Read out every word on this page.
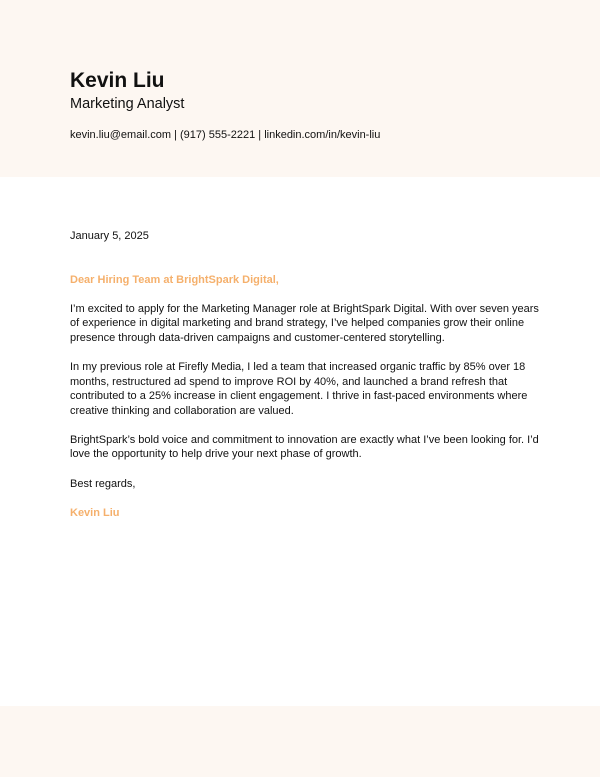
Kevin Liu
Marketing Analyst
kevin.liu@email.com | (917) 555-2221 | linkedin.com/in/kevin-liu

January 5, 2025

Dear Hiring Team at BrightSpark Digital,

I’m excited to apply for the Marketing Manager role at BrightSpark Digital. With over seven years of experience in digital marketing and brand strategy, I’ve helped companies grow their online presence through data-driven campaigns and customer-centered storytelling.

In my previous role at Firefly Media, I led a team that increased organic traffic by 85% over 18 months, restructured ad spend to improve ROI by 40%, and launched a brand refresh that contributed to a 25% increase in client engagement. I thrive in fast-paced environments where creative thinking and collaboration are valued.

BrightSpark’s bold voice and commitment to innovation are exactly what I’ve been looking for. I’d love the opportunity to help drive your next phase of growth.

Best regards,

Kevin Liu
